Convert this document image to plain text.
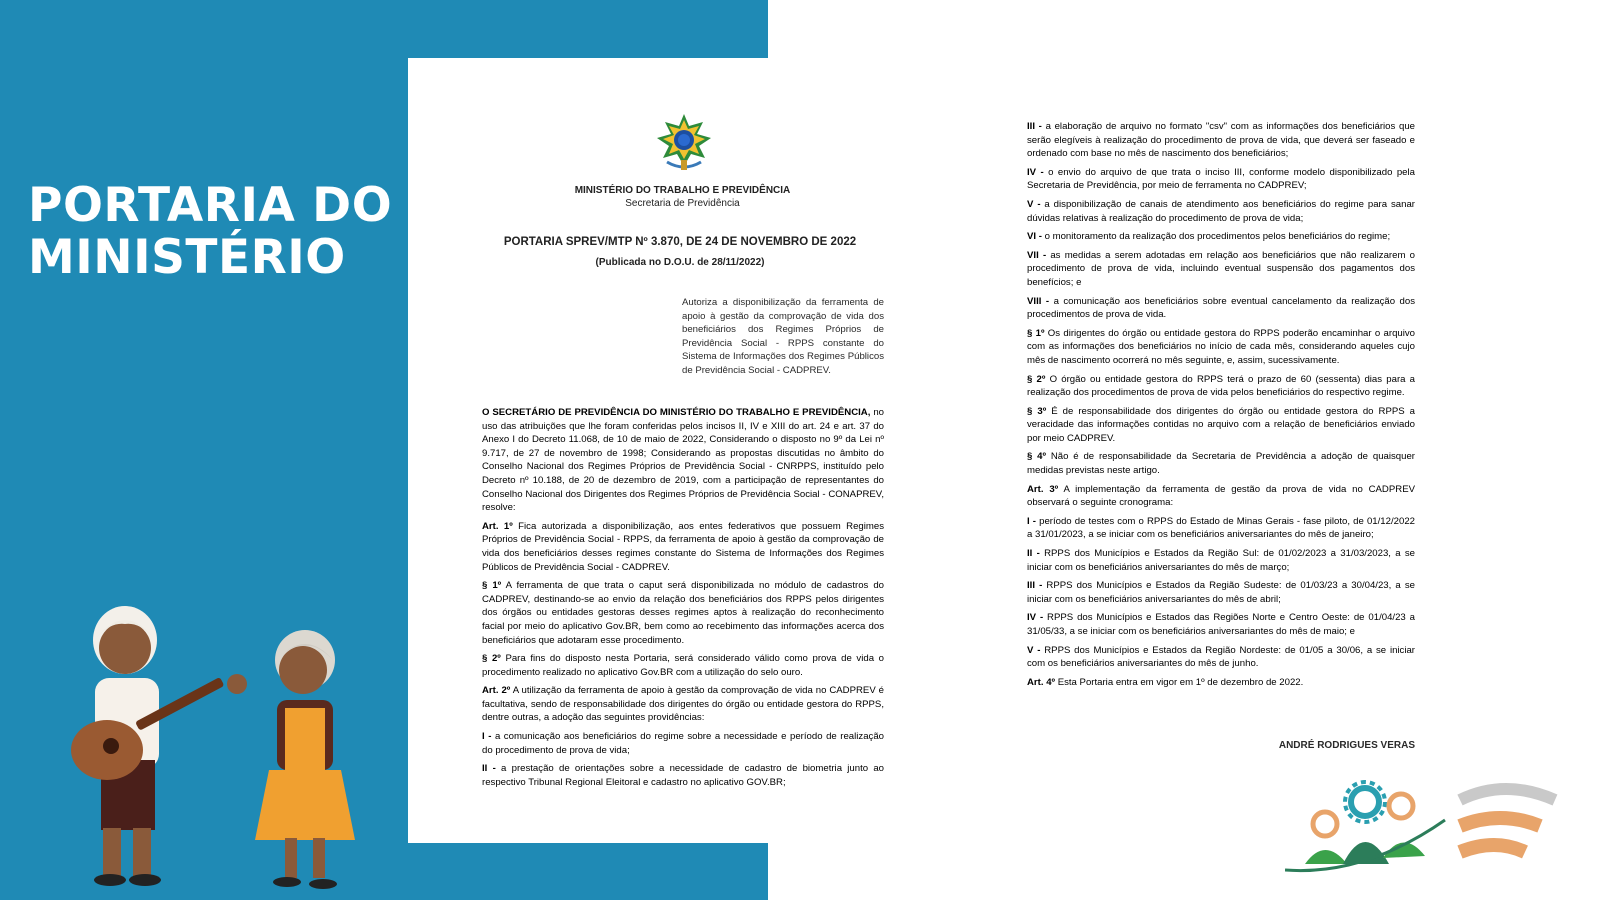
PORTARIA DO
MINISTÉRIO
MINISTÉRIO DO TRABALHO E PREVIDÊNCIA
Secretaria de Previdência
PORTARIA SPREV/MTP Nº 3.870, DE 24 DE NOVEMBRO DE 2022
(Publicada no D.O.U. de 28/11/2022)
Autoriza a disponibilização da ferramenta de apoio à gestão da comprovação de vida dos beneficiários dos Regimes Próprios de Previdência Social - RPPS constante do Sistema de Informações dos Regimes Públicos de Previdência Social - CADPREV.

O SECRETÁRIO DE PREVIDÊNCIA DO MINISTÉRIO DO TRABALHO E PREVIDÊNCIA, no uso das atribuições que lhe foram conferidas pelos incisos II, IV e XIII do art. 24 e art. 37 do Anexo I do Decreto 11.068, de 10 de maio de 2022, Considerando o disposto no 9º da Lei nº 9.717, de 27 de novembro de 1998; Considerando as propostas discutidas no âmbito do Conselho Nacional dos Regimes Próprios de Previdência Social - CNRPPS, instituído pelo Decreto nº 10.188, de 20 de dezembro de 2019, com a participação de representantes do Conselho Nacional dos Dirigentes dos Regimes Próprios de Previdência Social - CONAPREV, resolve:

Art. 1º Fica autorizada a disponibilização, aos entes federativos que possuem Regimes Próprios de Previdência Social - RPPS, da ferramenta de apoio à gestão da comprovação de vida dos beneficiários desses regimes constante do Sistema de Informações dos Regimes Públicos de Previdência Social - CADPREV.

§ 1º A ferramenta de que trata o caput será disponibilizada no módulo de cadastros do CADPREV, destinando-se ao envio da relação dos beneficiários dos RPPS pelos dirigentes dos órgãos ou entidades gestoras desses regimes aptos à realização do reconhecimento facial por meio do aplicativo Gov.BR, bem como ao recebimento das informações acerca dos beneficiários que adotaram esse procedimento.

§ 2º Para fins do disposto nesta Portaria, será considerado válido como prova de vida o procedimento realizado no aplicativo Gov.BR com a utilização do selo ouro.

Art. 2º A utilização da ferramenta de apoio à gestão da comprovação de vida no CADPREV é facultativa, sendo de responsabilidade dos dirigentes do órgão ou entidade gestora do RPPS, dentre outras, a adoção das seguintes providências:

I - a comunicação aos beneficiários do regime sobre a necessidade e período de realização do procedimento de prova de vida;

II - a prestação de orientações sobre a necessidade de cadastro de biometria junto ao respectivo Tribunal Regional Eleitoral e cadastro no aplicativo GOV.BR;

III - a elaboração de arquivo no formato "csv" com as informações dos beneficiários que serão elegíveis à realização do procedimento de prova de vida, que deverá ser faseado e ordenado com base no mês de nascimento dos beneficiários;

IV - o envio do arquivo de que trata o inciso III, conforme modelo disponibilizado pela Secretaria de Previdência, por meio de ferramenta no CADPREV;

V - a disponibilização de canais de atendimento aos beneficiários do regime para sanar dúvidas relativas à realização do procedimento de prova de vida;

VI - o monitoramento da realização dos procedimentos pelos beneficiários do regime;

VII - as medidas a serem adotadas em relação aos beneficiários que não realizarem o procedimento de prova de vida, incluindo eventual suspensão dos pagamentos dos benefícios; e

VIII - a comunicação aos beneficiários sobre eventual cancelamento da realização dos procedimentos de prova de vida.

§ 1º Os dirigentes do órgão ou entidade gestora do RPPS poderão encaminhar o arquivo com as informações dos beneficiários no início de cada mês, considerando aqueles cujo mês de nascimento ocorrerá no mês seguinte, e, assim, sucessivamente.

§ 2º O órgão ou entidade gestora do RPPS terá o prazo de 60 (sessenta) dias para a realização dos procedimentos de prova de vida pelos beneficiários do respectivo regime.

§ 3º É de responsabilidade dos dirigentes do órgão ou entidade gestora do RPPS a veracidade das informações contidas no arquivo com a relação de beneficiários enviado por meio CADPREV.

§ 4º Não é de responsabilidade da Secretaria de Previdência a adoção de quaisquer medidas previstas neste artigo.

Art. 3º A implementação da ferramenta de gestão da prova de vida no CADPREV observará o seguinte cronograma:

I - período de testes com o RPPS do Estado de Minas Gerais - fase piloto, de 01/12/2022 a 31/01/2023, a se iniciar com os beneficiários aniversariantes do mês de janeiro;

II - RPPS dos Municípios e Estados da Região Sul: de 01/02/2023 a 31/03/2023, a se iniciar com os beneficiários aniversariantes do mês de março;

III - RPPS dos Municípios e Estados da Região Sudeste: de 01/03/23 a 30/04/23, a se iniciar com os beneficiários aniversariantes do mês de abril;

IV - RPPS dos Municípios e Estados das Regiões Norte e Centro Oeste: de 01/04/23 a 31/05/33, a se iniciar com os beneficiários aniversariantes do mês de maio; e

V - RPPS dos Municípios e Estados da Região Nordeste: de 01/05 a 30/06, a se iniciar com os beneficiários aniversariantes do mês de junho.

Art. 4º Esta Portaria entra em vigor em 1º de dezembro de 2022.

ANDRÉ RODRIGUES VERAS
